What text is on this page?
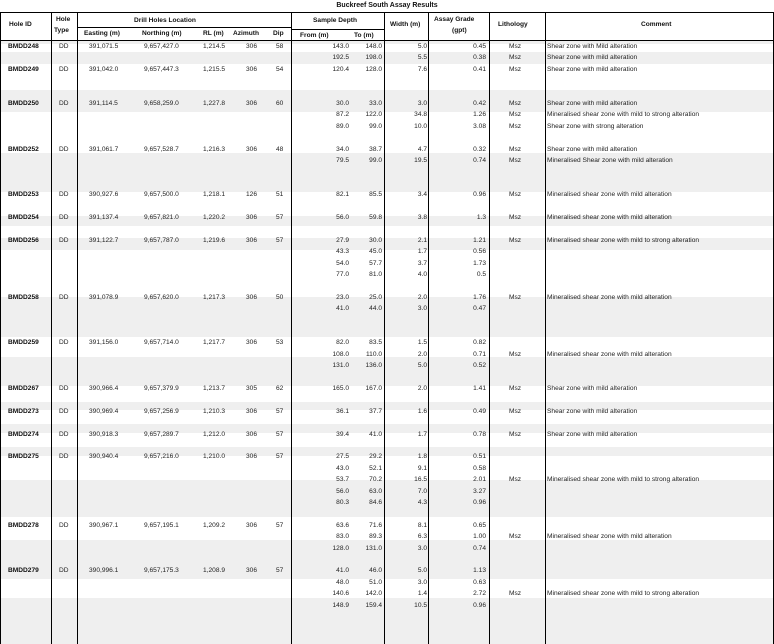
Buckreef South Assay Results
Hole ID
Hole
Type
Drill Holes Location
Easting (m)	Northing (m)	RL (m) Azimuth Dip
Sample Depth
From (m)	To (m)
Width (m)
Assay Grade
(gpt)
Lithology	Comment
BMDD248	DD	391,071.5	9,657,427.0	1,214.5	306	58	143.0	148.0	5.0	0.45	Msz	Shear zone with Mild alteration
192.5	198.0	5.5	0.38	Msz	Shear zone with mild alteration
BMDD249	DD	391,042.0	9,657,447.3	1,215.5	306	54	120.4	128.0	7.6	0.41	Msz	Shear zone with mild alteration
BMDD250	DD	391,114.5	9,658,259.0	1,227.8	306	60	30.0	33.0	3.0	0.42	Msz	Shear zone with mild alteration
87.2	122.0	34.8	1.26	Msz	Mineralised shear zone with mild to strong alteration
89.0	99.0	10.0	3.08	Msz	Shear zone with strong alteration
BMDD252	DD	391,061.7	9,657,528.7	1,216.3	306	48	34.0	38.7	4.7	0.32	Msz	Shear zone with mild alteration
79.5	99.0	19.5	0.74	Msz	Mineralised Shear zone with mild alteration
BMDD253	DD	390,927.6	9,657,500.0	1,218.1	126	51	82.1	85.5	3.4	0.96	Msz	Mineralised shear zone with mild alteration
BMDD254	DD	391,137.4	9,657,821.0	1,220.2	306	57	56.0	59.8	3.8	1.3	Msz	Mineralised shear zone with mild alteration
BMDD256	DD	391,122.7	9,657,787.0	1,219.6	306	57	27.9	30.0	2.1	1.21	Msz	Mineralised shear zone with mild to strong alteration
43.3	45.0	1.7	0.56
54.0	57.7	3.7	1.73
77.0	81.0	4.0	0.5
BMDD258	DD	391,078.9	9,657,620.0	1,217.3	306	50	23.0	25.0	2.0	1.76	Msz	Mineralised shear zone with mild alteration
41.0	44.0	3.0	0.47
BMDD259	DD	391,156.0	9,657,714.0	1,217.7	306	53	82.0	83.5	1.5	0.82
108.0	110.0	2.0	0.71	Msz	Mineralised shear zone with mild alteration
131.0	136.0	5.0	0.52
BMDD267	DD	390,966.4	9,657,379.9	1,213.7	305	62	165.0	167.0	2.0	1.41	Msz	Shear zone with mild alteration
BMDD273	DD	390,969.4	9,657,256.9	1,210.3	306	57	36.1	37.7	1.6	0.49	Msz	Shear zone with mild alteration
BMDD274	DD	390,918.3	9,657,289.7	1,212.0	306	57	39.4	41.0	1.7	0.78	Msz	Shear zone with mild alteration
BMDD275	DD	390,940.4	9,657,216.0	1,210.0	306	57	27.5	29.2	1.8	0.51
43.0	52.1	9.1	0.58
53.7	70.2	16.5	2.01	Msz	Mineralised shear zone with mild to strong alteration
56.0	63.0	7.0	3.27
80.3	84.6	4.3	0.96
BMDD278	DD	390,967.1	9,657,195.1	1,209.2	306	57	63.6	71.6	8.1	0.65
83.0	89.3	6.3	1.00	Msz	Mineralised shear zone with mild alteration
128.0	131.0	3.0	0.74
BMDD279	DD	390,996.1	9,657,175.3	1,208.9	306	57	41.0	46.0	5.0	1.13
48.0	51.0	3.0	0.63
140.6	142.0	1.4	2.72	Msz	Mineralised shear zone with mild to strong alteration
148.9	159.4	10.5	0.96
